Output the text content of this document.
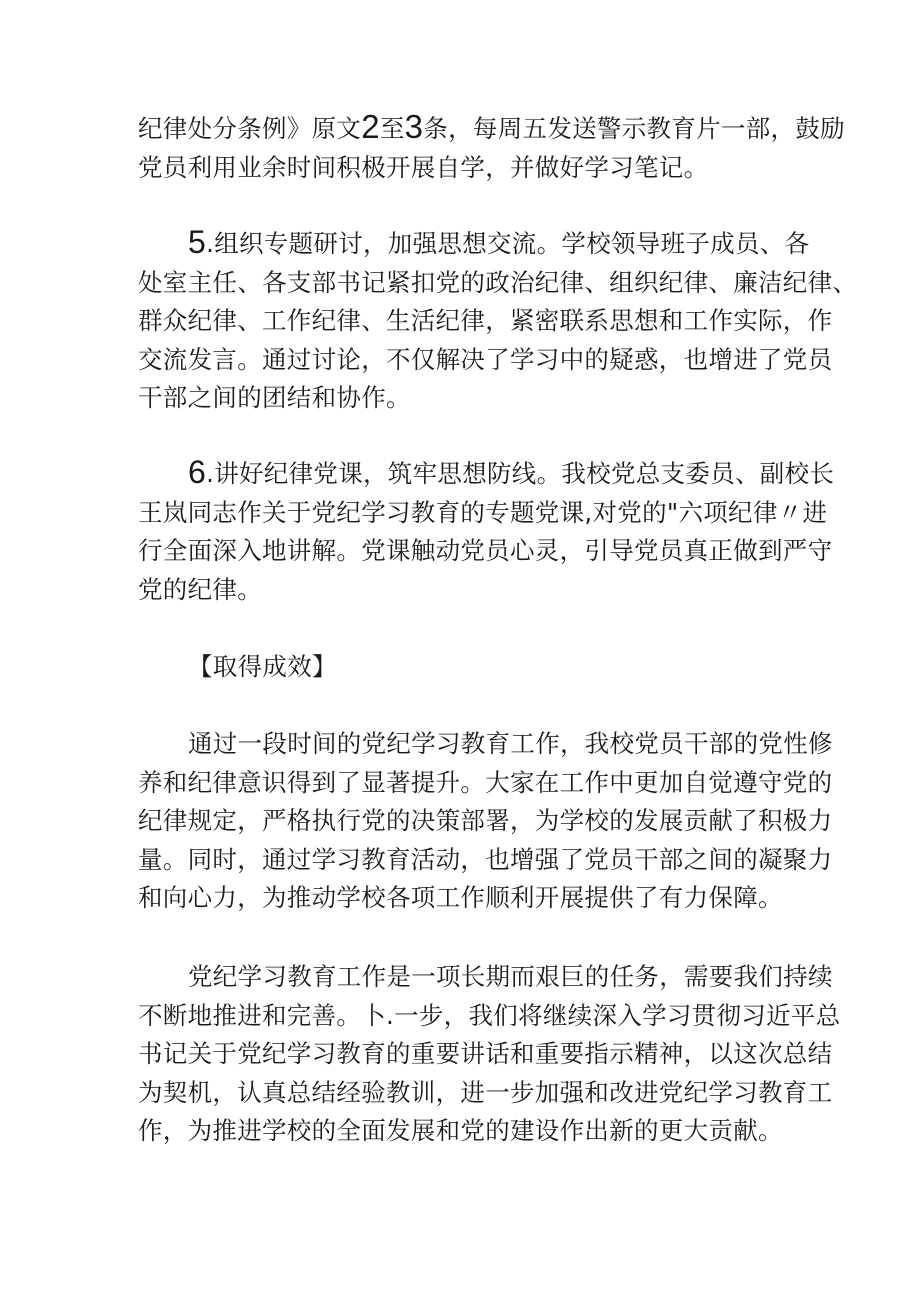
纪律处分条例》原文2至3条，每周五发送警示教育片一部，鼓励
党员利用业余时间积极开展自学，并做好学习笔记。

5.组织专题研讨，加强思想交流。学校领导班子成员、各
处室主任、各支部书记紧扣党的政治纪律、组织纪律、廉洁纪律、
群众纪律、工作纪律、生活纪律，紧密联系思想和工作实际，作
交流发言。通过讨论，不仅解决了学习中的疑惑，也增进了党员
干部之间的团结和协作。

6.讲好纪律党课，筑牢思想防线。我校党总支委员、副校长
王岚同志作关于党纪学习教育的专题党课,对党的"六项纪律〃进
行全面深入地讲解。党课触动党员心灵，引导党员真正做到严守
党的纪律。

【取得成效】

通过一段时间的党纪学习教育工作，我校党员干部的党性修
养和纪律意识得到了显著提升。大家在工作中更加自觉遵守党的
纪律规定，严格执行党的决策部署，为学校的发展贡献了积极力
量。同时，通过学习教育活动，也增强了党员干部之间的凝聚力
和向心力，为推动学校各项工作顺利开展提供了有力保障。

党纪学习教育工作是一项长期而艰巨的任务，需要我们持续
不断地推进和完善。卜.一步，我们将继续深入学习贯彻习近平总
书记关于党纪学习教育的重要讲话和重要指示精神，以这次总结
为契机，认真总结经验教训，进一步加强和改进党纪学习教育工
作，为推进学校的全面发展和党的建设作出新的更大贡献。
